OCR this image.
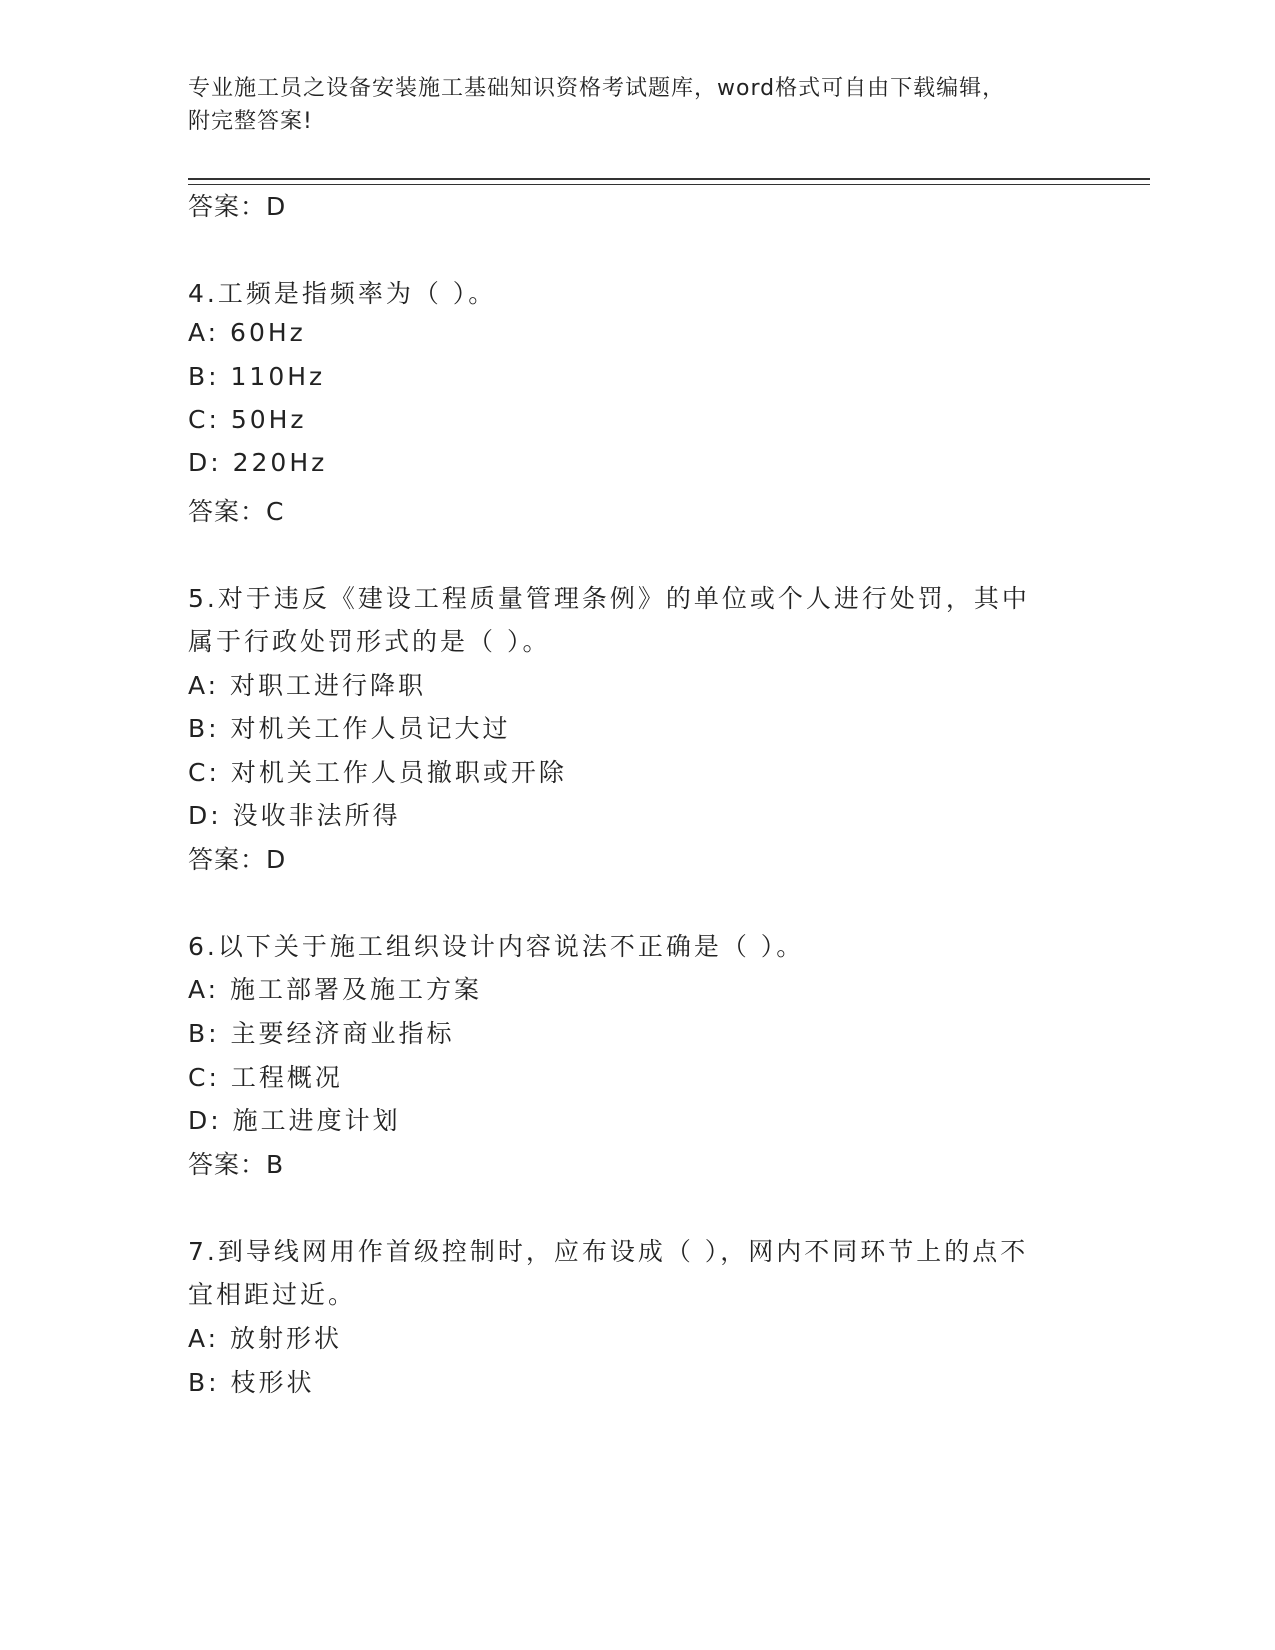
专业施工员之设备安装施工基础知识资格考试题库，word格式可自由下载编辑，
附完整答案!
答案：D
4.工频是指频率为（ ）。
A: 60Hz
B: 110Hz
C: 50Hz
D: 220Hz
答案：C
5.对于违反《建设工程质量管理条例》的单位或个人进行处罚，其中
属于行政处罚形式的是（ ）。
A: 对职工进行降职
B: 对机关工作人员记大过
C: 对机关工作人员撤职或开除
D: 没收非法所得
答案：D
6.以下关于施工组织设计内容说法不正确是（ ）。
A: 施工部署及施工方案
B: 主要经济商业指标
C: 工程概况
D: 施工进度计划
答案：B
7.到导线网用作首级控制时，应布设成（ ），网内不同环节上的点不
宜相距过近。
A: 放射形状
B: 枝形状
